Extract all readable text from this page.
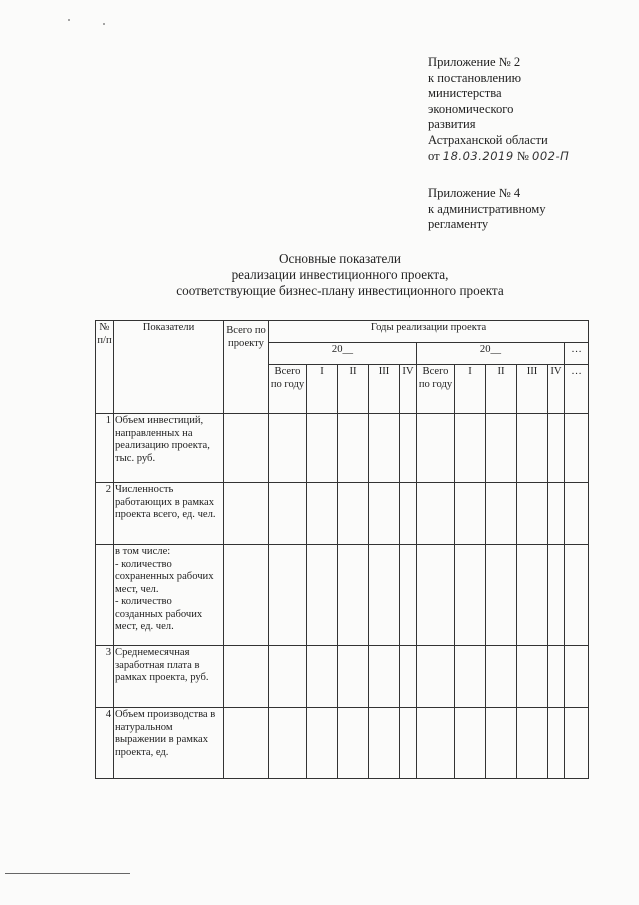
Приложение № 2
к постановлению
министерства
экономического
развития
Астраханской области
от 18.03.2019 № 002-П
Приложение № 4
к административному
регламенту
Основные показатели
реализации инвестиционного проекта,
соответствующие бизнес-плану инвестиционного проекта
№ п/п	Показатели	Всего по проекту	Годы реализации проекта										
			20__					20__					…
			Всего по году	I	II	III	IV	Всего по году	I	II	III	IV	…
1	Объем инвестиций, направленных на реализацию проекта, тыс. руб.												
2	Численность работающих в рамках проекта всего, ед. чел.												
	в том числе:
- количество сохраненных рабочих мест, чел.
- количество созданных рабочих мест, ед. чел.												
3	Среднемесячная заработная плата в рамках проекта, руб.												
4	Объем производства в натуральном выражении в рамках проекта, ед.												
